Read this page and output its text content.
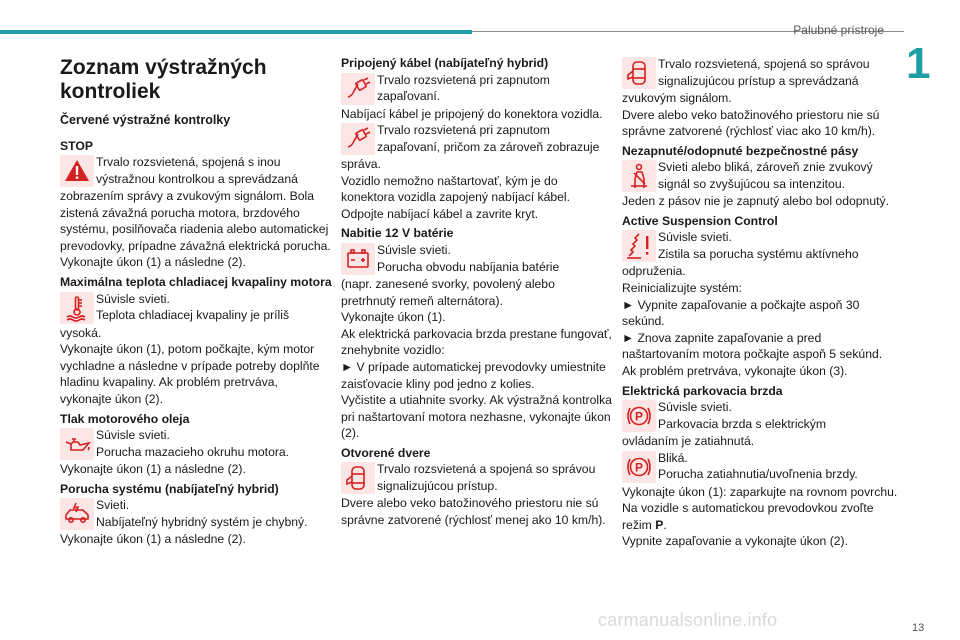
Palubné prístroje
1
Zoznam výstražných kontroliek
Červené výstražné kontrolky
STOP

Trvalo rozsvietená, spojená s inou

výstražnou kontrolkou a sprevádzaná

zobrazením správy a zvukovým signálom. Bola zistená závažná porucha motora, brzdového systému, posilňovača riadenia alebo automatickej prevodovky, prípadne závažná elektrická porucha.

Vykonajte úkon (1) a následne (2).

Maximálna teplota chladiacej kvapaliny motora

Súvisle svieti.

Teplota chladiacej kvapaliny je príliš

vysoká.

Vykonajte úkon (1), potom počkajte, kým motor vychladne a následne v prípade potreby doplňte hladinu kvapaliny. Ak problém pretrváva, vykonajte úkon (2).

Tlak motorového oleja

Súvisle svieti.

Porucha mazacieho okruhu motora.

Vykonajte úkon (1) a následne (2).

Porucha systému (nabíjateľný hybrid)

Svieti.

Nabíjateľný hybridný systém je chybný.

Vykonajte úkon (1) a následne (2).

Pripojený kábel (nabíjateľný hybrid)

Trvalo rozsvietená pri zapnutom

zapaľovaní.

Nabíjací kábel je pripojený do konektora vozidla.

Trvalo rozsvietená pri zapnutom

zapaľovaní, pričom za zároveň zobrazuje

správa.

Vozidlo nemožno naštartovať, kým je do konektora vozidla zapojený nabíjací kábel.

Odpojte nabíjací kábel a zavrite kryt.

Nabitie 12 V batérie

Súvisle svieti.

Porucha obvodu nabíjania batérie

(napr. zanesené svorky, povolený alebo pretrhnutý remeň alternátora).

Vykonajte úkon (1).

Ak elektrická parkovacia brzda prestane fungovať, znehybnite vozidlo:

► V prípade automatickej prevodovky umiestnite zaisťovacie kliny pod jedno z kolies.

Vyčistite a utiahnite svorky. Ak výstražná kontrolka pri naštartovaní motora nezhasne, vykonajte úkon (2).

Otvorené dvere

Trvalo rozsvietená a spojená so správou

signalizujúcou prístup.

Dvere alebo veko batožinového priestoru nie sú správne zatvorené (rýchlosť menej ako 10 km/h).

Trvalo rozsvietená, spojená so správou

signalizujúcou prístup a sprevádzaná

zvukovým signálom.

Dvere alebo veko batožinového priestoru nie sú správne zatvorené (rýchlosť viac ako 10 km/h).

Nezapnuté/odopnuté bezpečnostné pásy

Svieti alebo bliká, zároveň znie zvukový

signál so zvyšujúcou sa intenzitou.

Jeden z pásov nie je zapnutý alebo bol odopnutý.

Active Suspension Control

Súvisle svieti.

Zistila sa porucha systému aktívneho

odpruženia.

Reinicializujte systém:

► Vypnite zapaľovanie a počkajte aspoň 30 sekúnd.

► Znova zapnite zapaľovanie a pred naštartovaním motora počkajte aspoň 5 sekúnd.

Ak problém pretrváva, vykonajte úkon (3).

Elektrická parkovacia brzda
P

Súvisle svieti.

Parkovacia brzda s elektrickým

ovládaním je zatiahnutá.

P

Bliká.

Porucha zatiahnutia/uvoľnenia brzdy.

Vykonajte úkon (1): zaparkujte na rovnom povrchu.

Na vozidle s automatickou prevodovkou zvoľte režim P.

Vypnite zapaľovanie a vykonajte úkon (2).

carmanualsonline.info	13
